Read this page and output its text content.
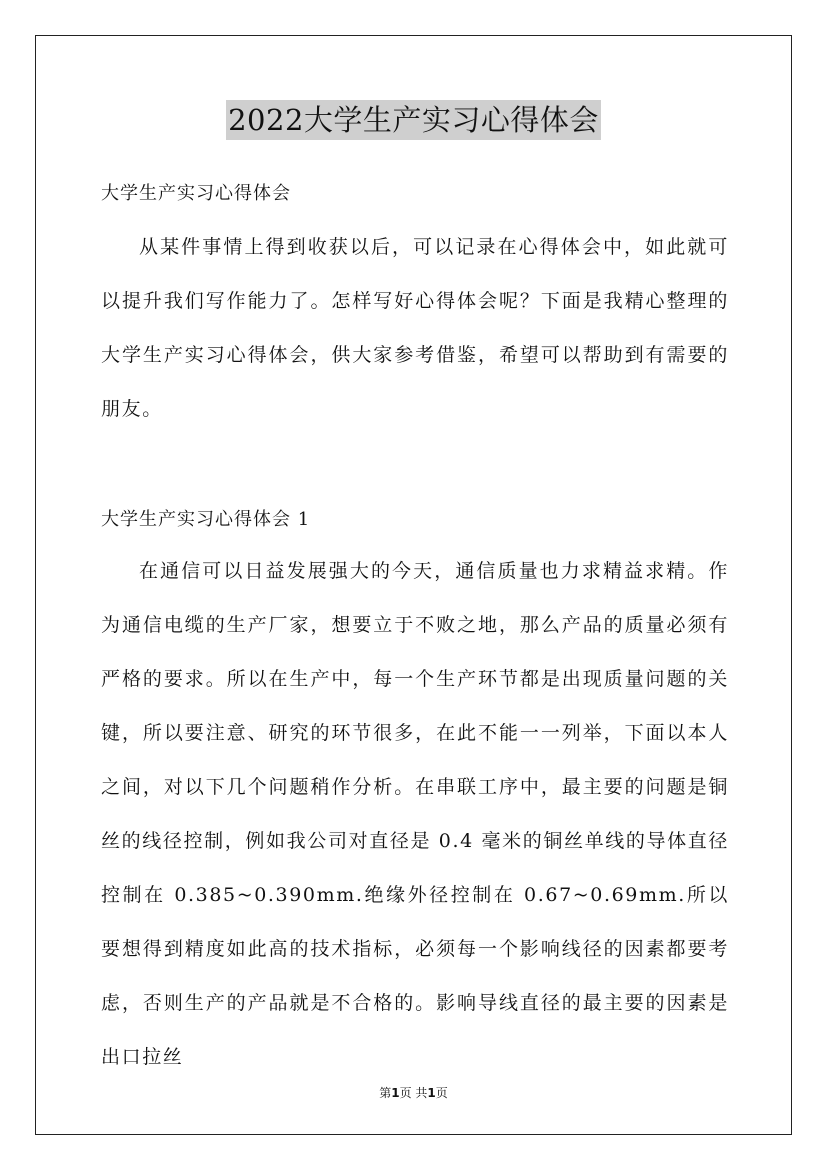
2022大学生产实习心得体会
大学生产实习心得体会
从某件事情上得到收获以后，可以记录在心得体会中，如此就可以提升我们写作能力了。怎样写好心得体会呢？下面是我精心整理的大学生产实习心得体会，供大家参考借鉴，希望可以帮助到有需要的朋友。
大学生产实习心得体会 1
在通信可以日益发展强大的今天，通信质量也力求精益求精。作为通信电缆的生产厂家，想要立于不败之地，那么产品的质量必须有严格的要求。所以在生产中，每一个生产环节都是出现质量问题的关键，所以要注意、研究的环节很多，在此不能一一列举，下面以本人之间，对以下几个问题稍作分析。在串联工序中，最主要的问题是铜丝的线径控制，例如我公司对直径是 0.4 毫米的铜丝单线的导体直径控制在 0.385~0.390mm.绝缘外径控制在 0.67~0.69mm.所以要想得到精度如此高的技术指标，必须每一个影响线径的因素都要考虑，否则生产的产品就是不合格的。影响导线直径的最主要的因素是出口拉丝
第1页 共1页
